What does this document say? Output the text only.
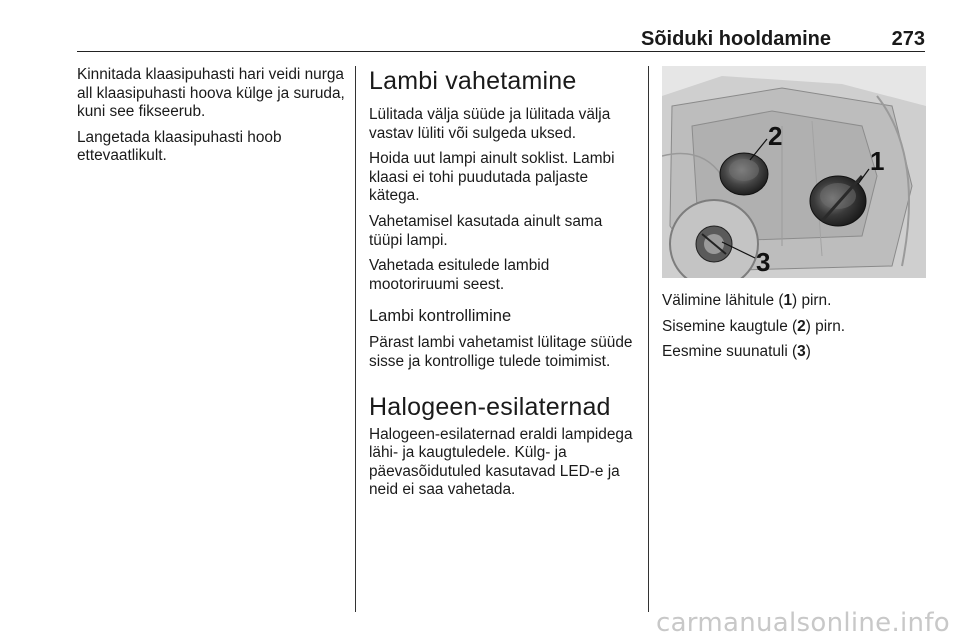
Sõiduki hooldamine	273

Kinnitada klaasipuhasti hari veidi nurga all klaasipuhasti hoova külge ja suruda, kuni see fikseerub.

Langetada klaasipuhasti hoob ettevaatlikult.

Lambi vahetamine

Lülitada välja süüde ja lülitada välja vastav lüliti või sulgeda uksed.

Hoida uut lampi ainult soklist. Lambi klaasi ei tohi puudutada paljaste kätega.

Vahetamisel kasutada ainult sama tüüpi lampi.

Vahetada esitulede lambid mootoriruumi seest.

Lambi kontrollimine

Pärast lambi vahetamist lülitage süüde sisse ja kontrollige tulede toimimist.

Halogeen-esilaternad

Halogeen-esilaternad eraldi lampidega lähi- ja kaugtuledele. Külg- ja päevasõidutuled kasutavad LED-e ja neid ei saa vahetada.

2
1
3

Välimine lähitule (1) pirn.

Sisemine kaugtule (2) pirn.

Eesmine suunatuli (3)

carmanualsonline.info
